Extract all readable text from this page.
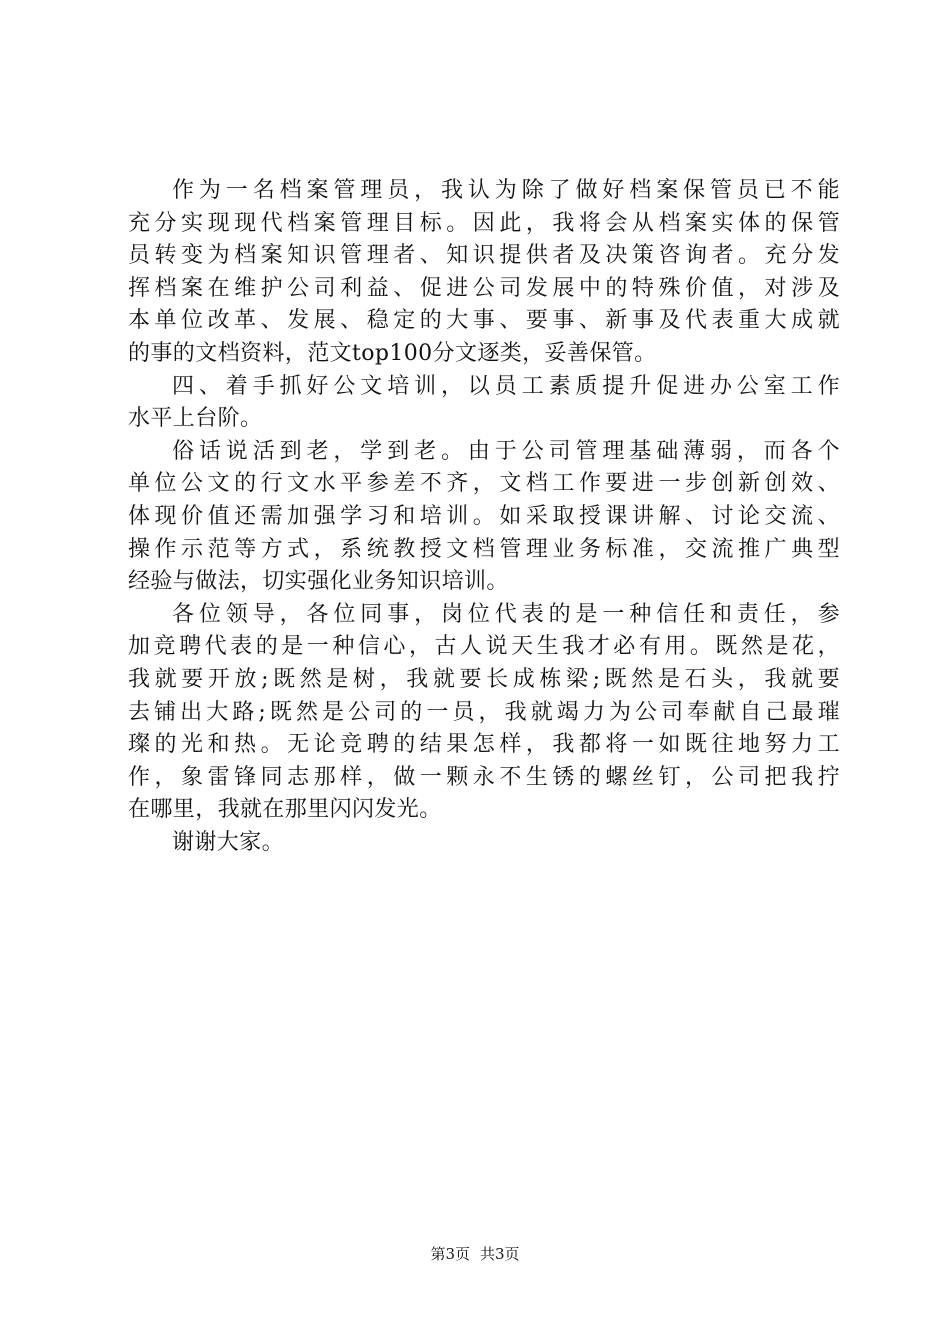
作为一名档案管理员，我认为除了做好档案保管员已不能
充分实现现代档案管理目标。因此，我将会从档案实体的保管
员转变为档案知识管理者、知识提供者及决策咨询者。充分发
挥档案在维护公司利益、促进公司发展中的特殊价值，对涉及
本单位改革、发展、稳定的大事、要事、新事及代表重大成就
的事的文档资料，范文top100分文逐类，妥善保管。
四、着手抓好公文培训，以员工素质提升促进办公室工作
水平上台阶。
俗话说活到老，学到老。由于公司管理基础薄弱，而各个
单位公文的行文水平参差不齐，文档工作要进一步创新创效、
体现价值还需加强学习和培训。如采取授课讲解、讨论交流、
操作示范等方式，系统教授文档管理业务标准，交流推广典型
经验与做法，切实强化业务知识培训。
各位领导，各位同事，岗位代表的是一种信任和责任，参
加竞聘代表的是一种信心，古人说天生我才必有用。既然是花，
我就要开放;既然是树，我就要长成栋梁;既然是石头，我就要
去铺出大路;既然是公司的一员，我就竭力为公司奉献自己最璀
璨的光和热。无论竞聘的结果怎样，我都将一如既往地努力工
作，象雷锋同志那样，做一颗永不生锈的螺丝钉，公司把我拧
在哪里，我就在那里闪闪发光。
谢谢大家。
第3页 共3页
